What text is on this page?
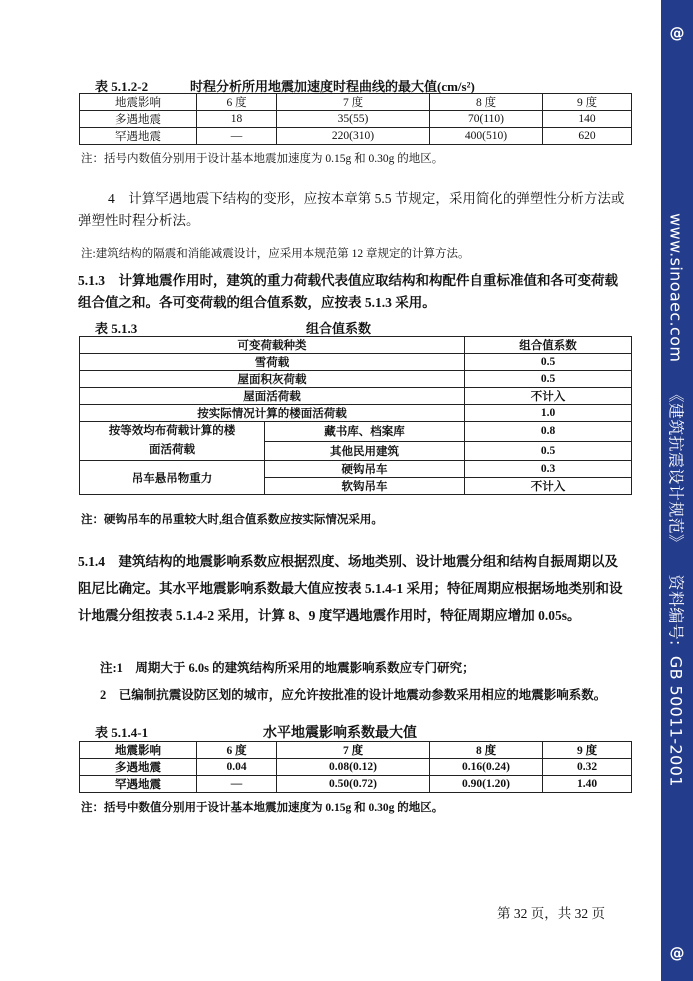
表 5.1.2-2	时程分析所用地震加速度时程曲线的最大值(cm/s²)
地震影响	6 度	7 度	8 度	9 度
多遇地震	18	35(55)	70(110)	140
罕遇地震	—	220(310)	400(510)	620
注：括号内数值分别用于设计基本地震加速度为 0.15g 和 0.30g 的地区。
4　计算罕遇地震下结构的变形，应按本章第 5.5 节规定，采用简化的弹塑性分析方法或弹塑性时程分析法。
注:建筑结构的隔震和消能减震设计，应采用本规范第 12 章规定的计算方法。
5.1.3　计算地震作用时，建筑的重力荷载代表值应取结构和构配件自重标准值和各可变荷载组合值之和。各可变荷载的组合值系数，应按表 5.1.3 采用。
表 5.1.3	组合值系数
可变荷载种类		组合值系数
雪荷载		0.5
屋面积灰荷载		0.5
屋面活荷载		不计入
按实际情况计算的楼面活荷载		1.0
按等效均布荷载计算的楼面活荷载	藏书库、档案库	0.8
	其他民用建筑	0.5
吊车悬吊物重力	硬钩吊车	0.3
	软钩吊车	不计入
注：硬钩吊车的吊重较大时,组合值系数应按实际情况采用。
5.1.4　建筑结构的地震影响系数应根据烈度、场地类别、设计地震分组和结构自振周期以及阻尼比确定。其水平地震影响系数最大值应按表 5.1.4-1 采用；特征周期应根据场地类别和设计地震分组按表 5.1.4-2 采用，计算 8、9 度罕遇地震作用时，特征周期应增加 0.05s。
注:1　周期大于 6.0s 的建筑结构所采用的地震影响系数应专门研究；
2　已编制抗震设防区划的城市，应允许按批准的设计地震动参数采用相应的地震影响系数。
表 5.1.4-1	水平地震影响系数最大值
地震影响	6 度	7 度	8 度	9 度
多遇地震	0.04	0.08(0.12)	0.16(0.24)	0.32
罕遇地震	—	0.50(0.72)	0.90(1.20)	1.40
注：括号中数值分别用于设计基本地震加速度为 0.15g 和 0.30g 的地区。
第 32 页，共 32 页
@
www.sinoaec.com《建筑抗震设计规范》资料编号:GB 50011-2001
@
